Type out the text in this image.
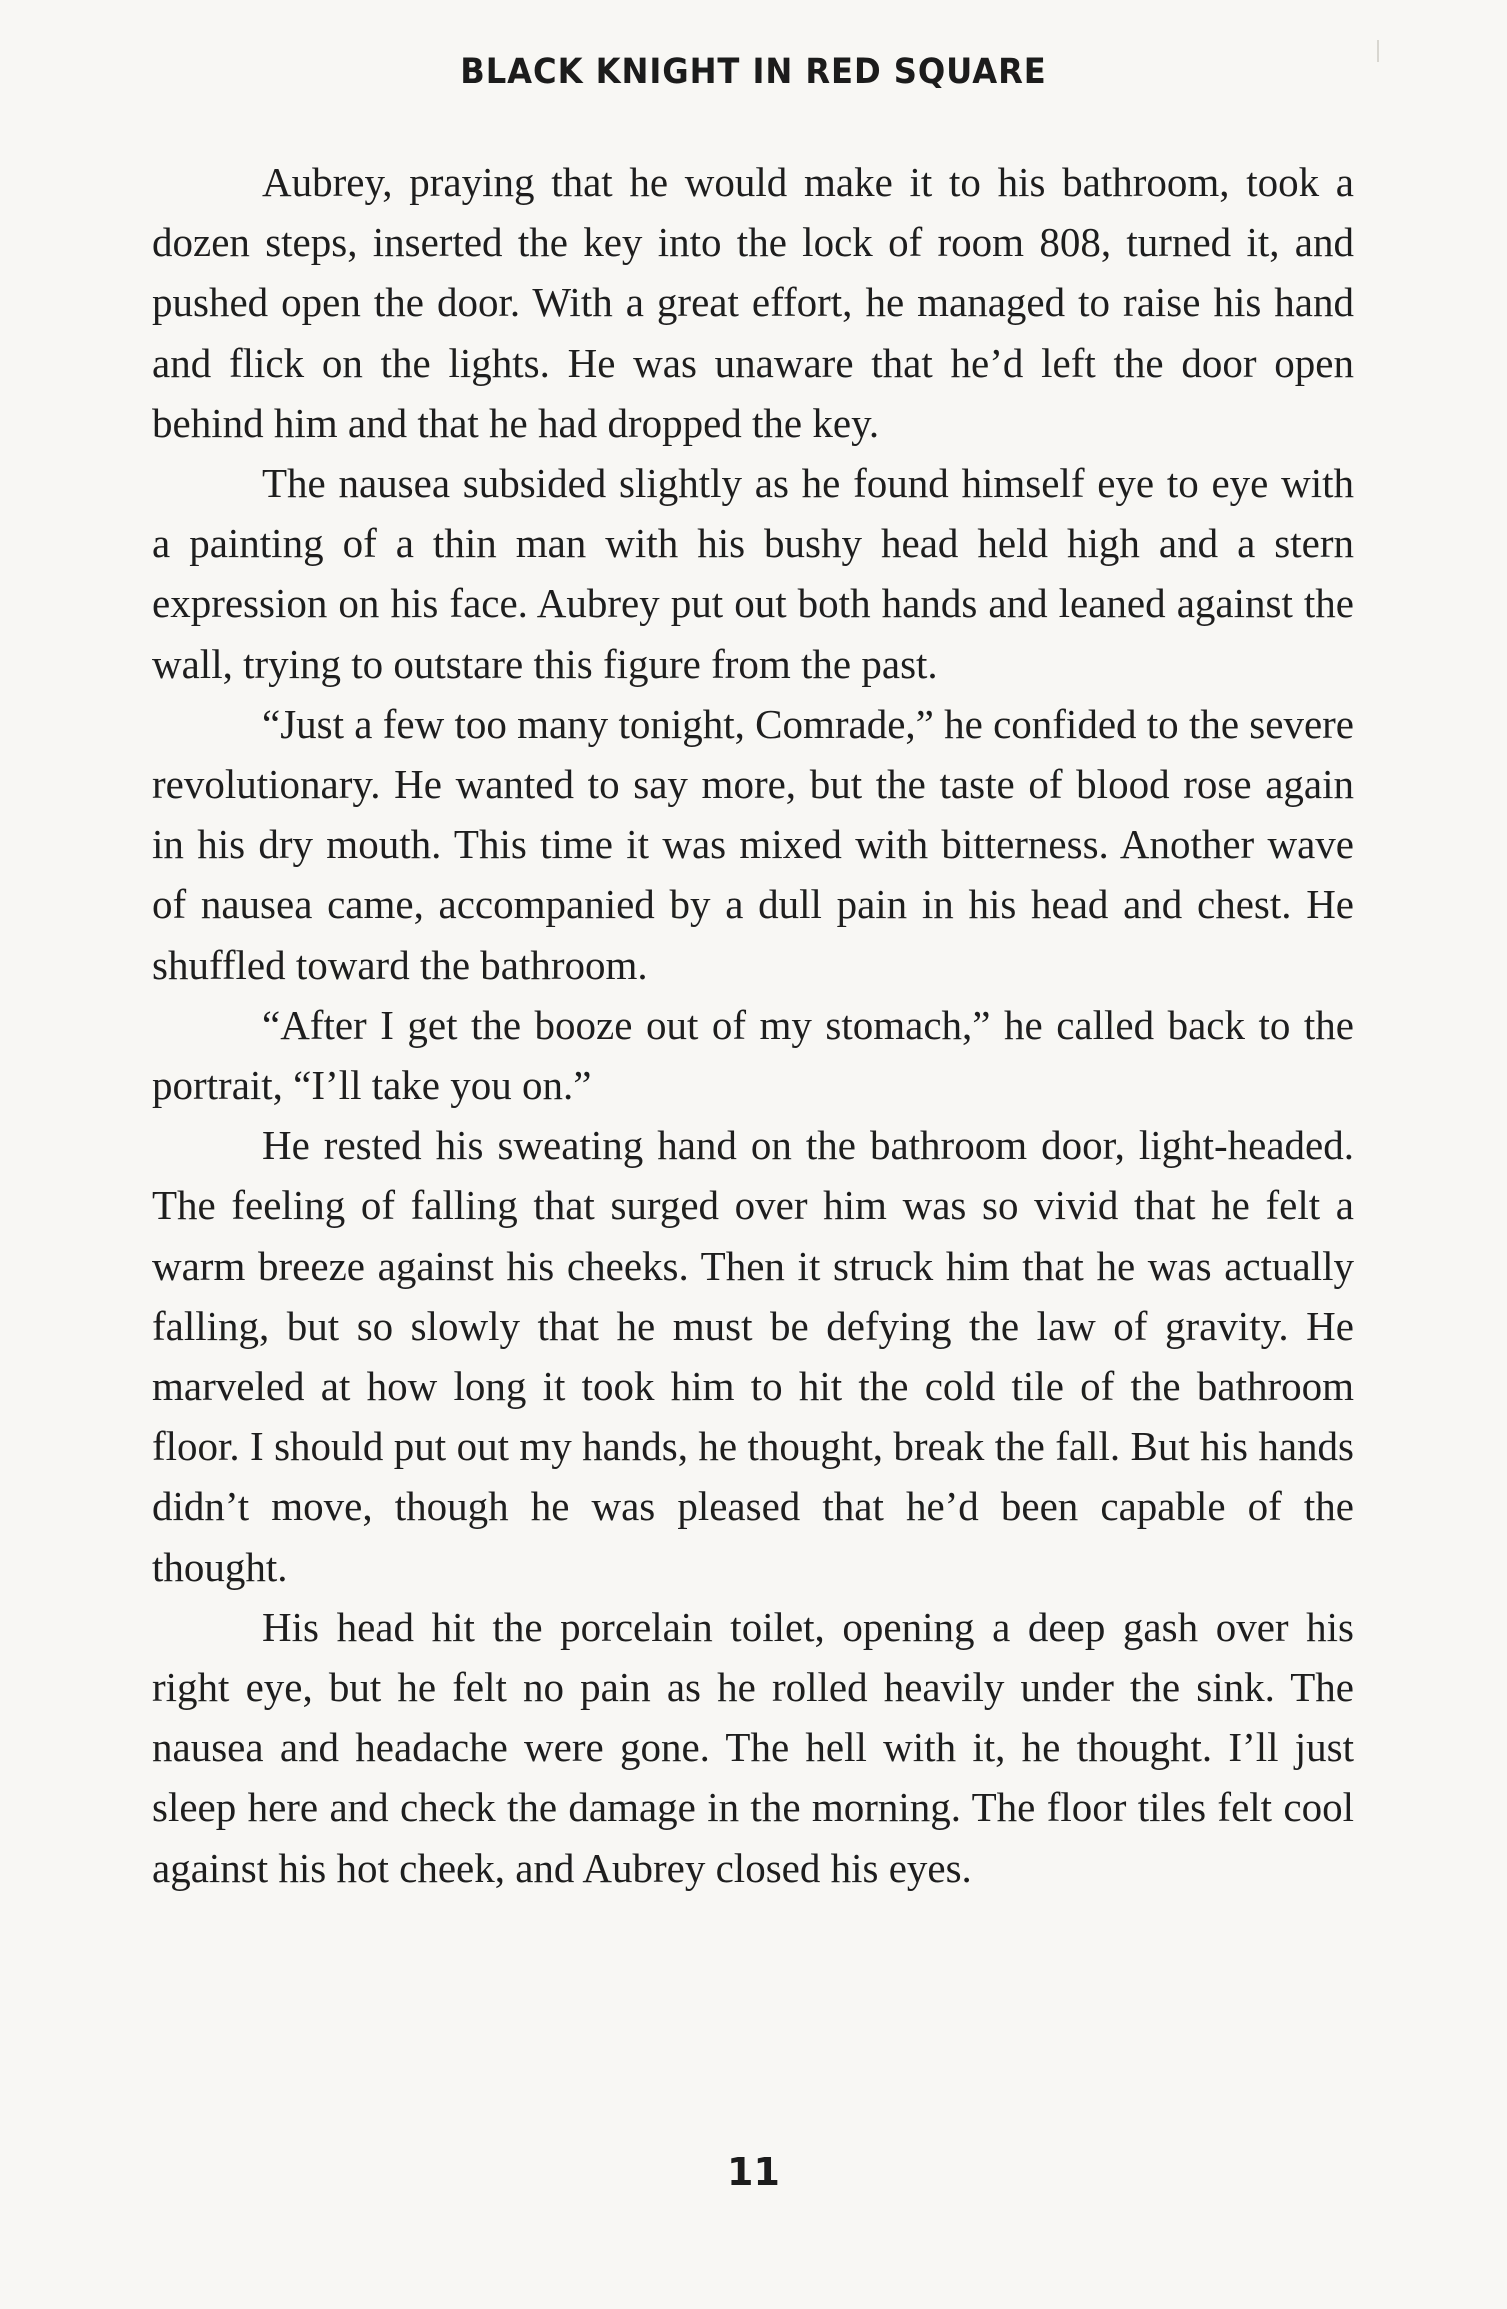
BLACK KNIGHT IN RED SQUARE

Aubrey, praying that he would make it to his bathroom, took a dozen steps, inserted the key into the lock of room 808, turned it, and pushed open the door. With a great effort, he managed to raise his hand and flick on the lights. He was unaware that he’d left the door open behind him and that he had dropped the key.

The nausea subsided slightly as he found himself eye to eye with a painting of a thin man with his bushy head held high and a stern expression on his face. Aubrey put out both hands and leaned against the wall, trying to outstare this figure from the past.

“Just a few too many tonight, Comrade,” he confided to the severe revolutionary. He wanted to say more, but the taste of blood rose again in his dry mouth. This time it was mixed with bitterness. Another wave of nausea came, accompanied by a dull pain in his head and chest. He shuffled toward the bathroom.

“After I get the booze out of my stomach,” he called back to the portrait, “I’ll take you on.”

He rested his sweating hand on the bathroom door, light-headed. The feeling of falling that surged over him was so vivid that he felt a warm breeze against his cheeks. Then it struck him that he was actually falling, but so slowly that he must be defying the law of gravity. He marveled at how long it took him to hit the cold tile of the bathroom floor. I should put out my hands, he thought, break the fall. But his hands didn’t move, though he was pleased that he’d been capable of the thought.

His head hit the porcelain toilet, opening a deep gash over his right eye, but he felt no pain as he rolled heavily under the sink. The nausea and headache were gone. The hell with it, he thought. I’ll just sleep here and check the damage in the morning. The floor tiles felt cool against his hot cheek, and Aubrey closed his eyes.

11
